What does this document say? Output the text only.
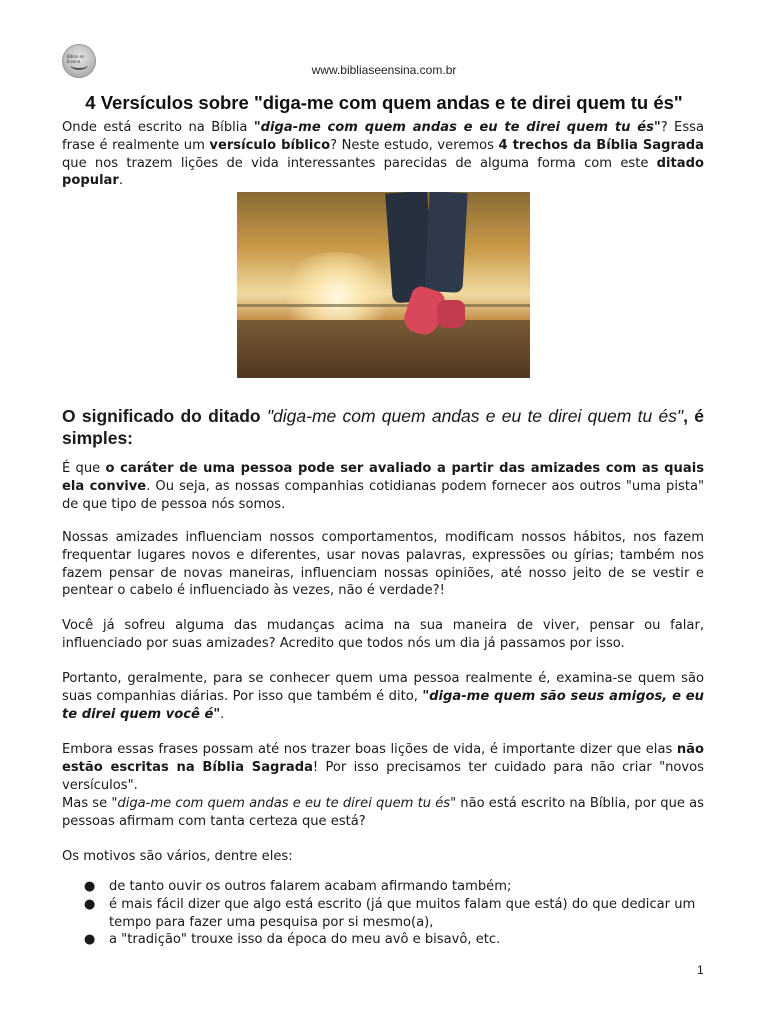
Bíblia se Ensina
www.bibliaseensina.com.br
4 Versículos sobre "diga-me com quem andas e te direi quem tu és"

Onde está escrito na Bíblia "diga-me com quem andas e eu te direi quem tu és"? Essa frase é realmente um versículo bíblico? Neste estudo, veremos 4 trechos da Bíblia Sagrada que nos trazem lições de vida interessantes parecidas de alguma forma com este ditado popular.

O significado do ditado "diga-me com quem andas e eu te direi quem tu és", é simples:

É que o caráter de uma pessoa pode ser avaliado a partir das amizades com as quais ela convive. Ou seja, as nossas companhias cotidianas podem fornecer aos outros "uma pista" de que tipo de pessoa nós somos.

Nossas amizades influenciam nossos comportamentos, modificam nossos hábitos, nos fazem frequentar lugares novos e diferentes, usar novas palavras, expressões ou gírias; também nos fazem pensar de novas maneiras, influenciam nossas opiniões, até nosso jeito de se vestir e pentear o cabelo é influenciado às vezes, não é verdade?!

Você já sofreu alguma das mudanças acima na sua maneira de viver, pensar ou falar, influenciado por suas amizades? Acredito que todos nós um dia já passamos por isso.

Portanto, geralmente, para se conhecer quem uma pessoa realmente é, examina-se quem são suas companhias diárias. Por isso que também é dito, "diga-me quem são seus amigos, e eu te direi quem você é".

Embora essas frases possam até nos trazer boas lições de vida, é importante dizer que elas não estão escritas na Bíblia Sagrada! Por isso precisamos ter cuidado para não criar "novos versículos".

Mas se "diga-me com quem andas e eu te direi quem tu és" não está escrito na Bíblia, por que as pessoas afirmam com tanta certeza que está?

Os motivos são vários, dentre eles:

● de tanto ouvir os outros falarem acabam afirmando também;
● é mais fácil dizer que algo está escrito (já que muitos falam que está) do que dedicar um tempo para fazer uma pesquisa por si mesmo(a),
● a "tradição" trouxe isso da época do meu avô e bisavô, etc.
1
